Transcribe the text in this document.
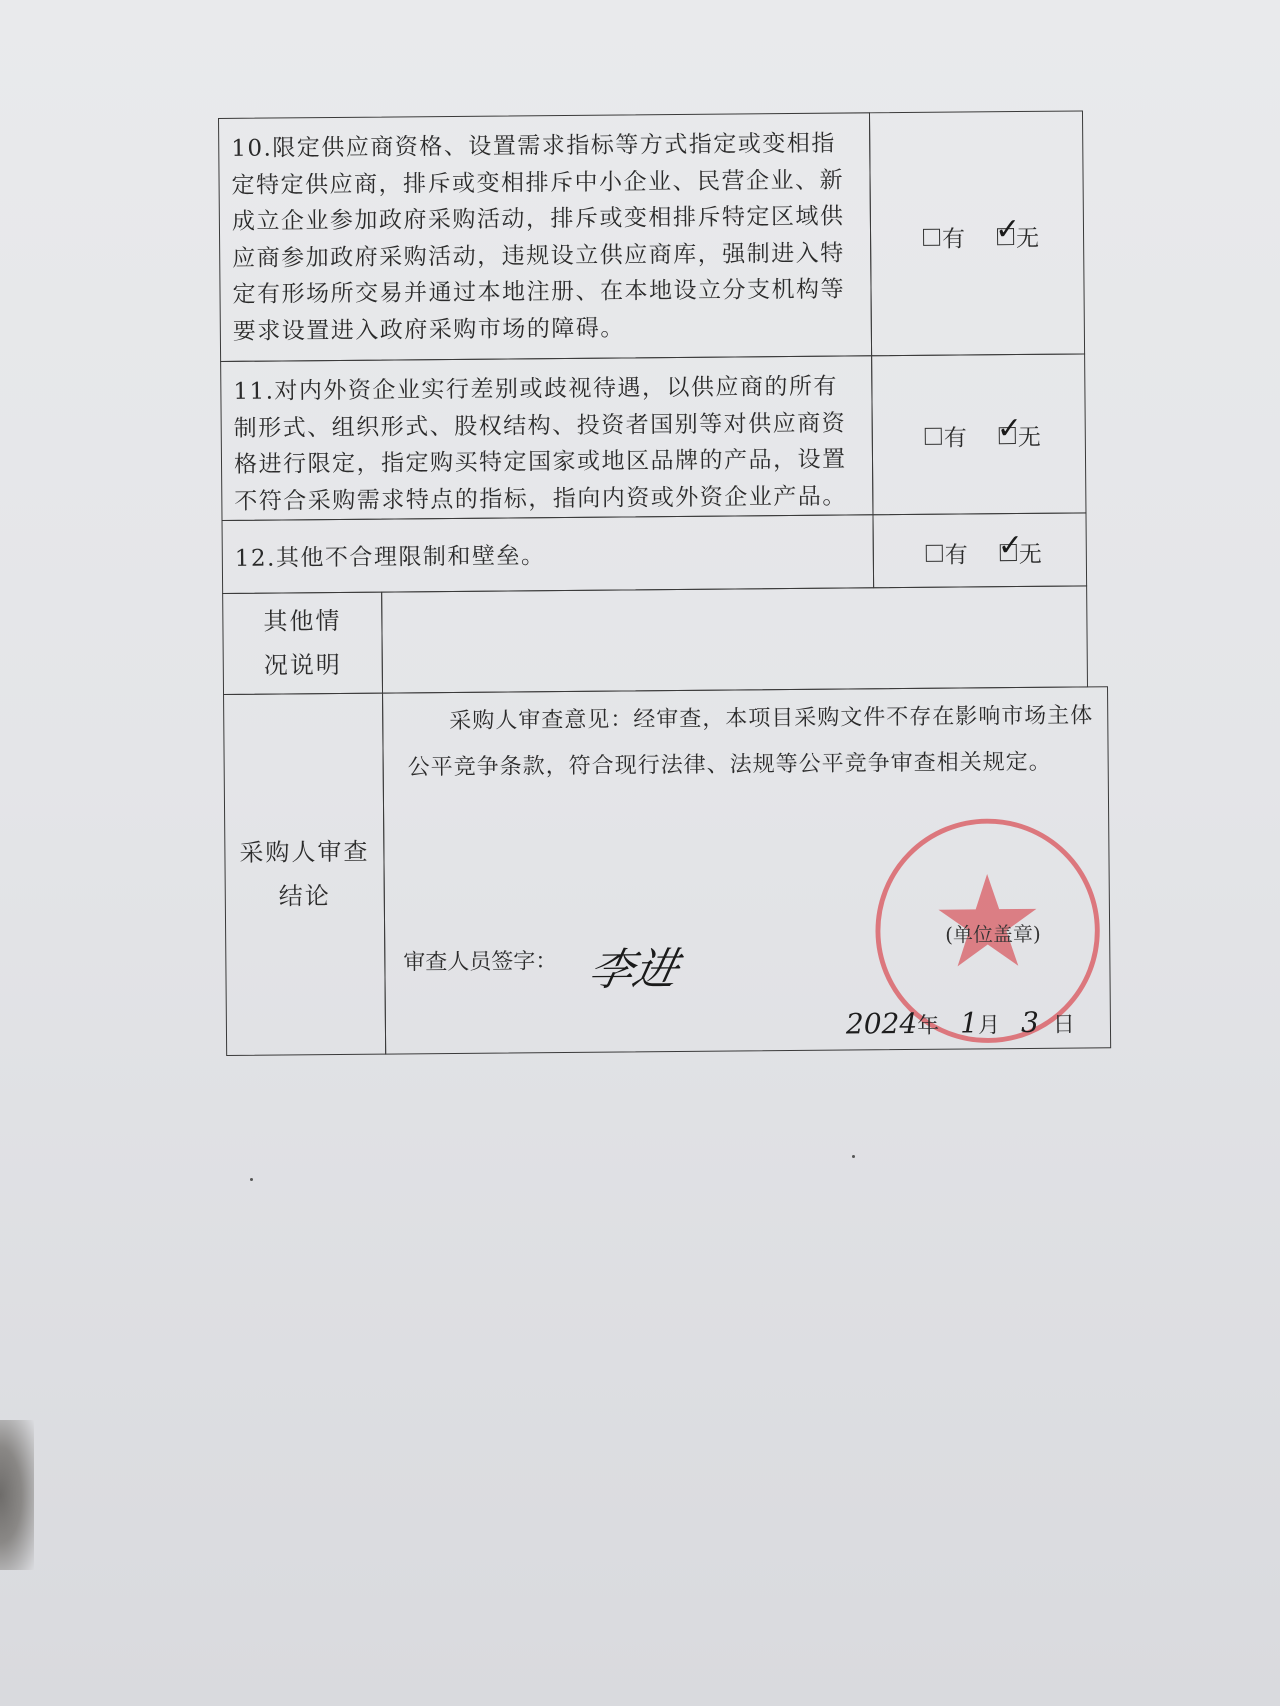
10.限定供应商资格、设置需求指标等方式指定或变相指定特定供应商，排斥或变相排斥中小企业、民营企业、新成立企业参加政府采购活动，排斥或变相排斥特定区域供应商参加政府采购活动，违规设立供应商库，强制进入特定有形场所交易并通过本地注册、在本地设立分支机构等要求设置进入政府采购市场的障碍。
有 ✓
无
11.对内外资企业实行差别或歧视待遇，以供应商的所有制形式、组织形式、股权结构、投资者国别等对供应商资格进行限定，指定购买特定国家或地区品牌的产品，设置不符合采购需求特点的指标，指向内资或外资企业产品。
有 ✓
无
12.其他不合理限制和壁垒。	有 ✓
无
其他情况说明
采购人审查结论
采购人审查意见：经审查，本项目采购文件不存在影响市场主体公平竞争条款，符合现行法律、法规等公平竞争审查相关规定。
(单位盖章)
审查人员签字： 李进
2024年 1月 3 日
